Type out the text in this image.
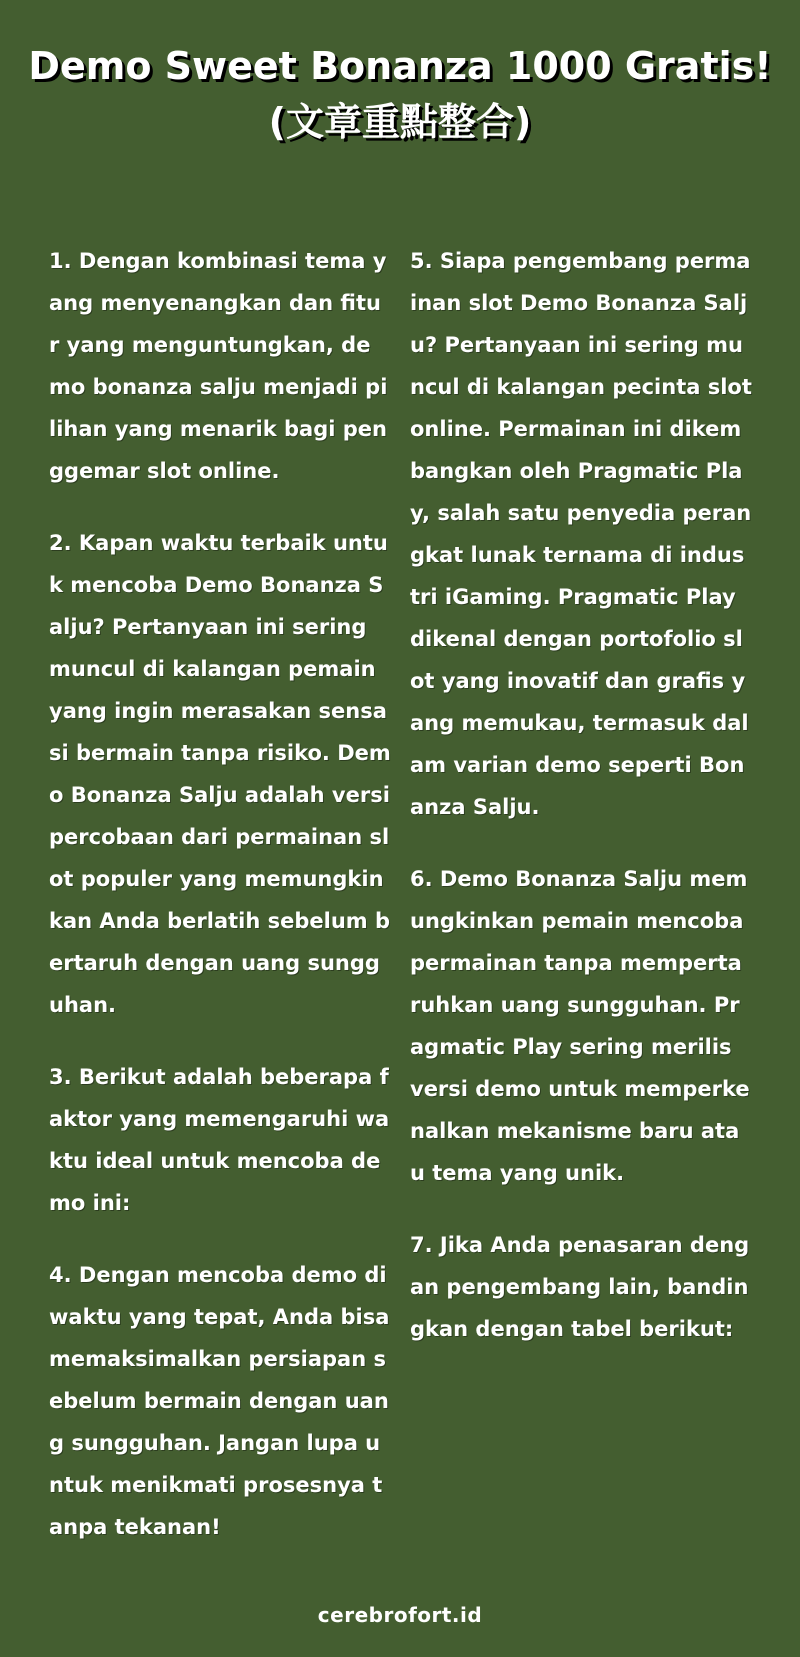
Demo Sweet Bonanza 1000 Gratis!
(文章重點整合)

1. Dengan kombinasi tema yang menyenangkan dan fitur yang menguntungkan, demo bonanza salju menjadi pilihan yang menarik bagi penggemar slot online.

2. Kapan waktu terbaik untuk mencoba Demo Bonanza Salju? Pertanyaan ini sering muncul di kalangan pemain yang ingin merasakan sensasi bermain tanpa risiko. Demo Bonanza Salju adalah versi percobaan dari permainan slot populer yang memungkinkan Anda berlatih sebelum bertaruh dengan uang sungguhan.

3. Berikut adalah beberapa faktor yang memengaruhi waktu ideal untuk mencoba demo ini:

4. Dengan mencoba demo di waktu yang tepat, Anda bisa memaksimalkan persiapan sebelum bermain dengan uang sungguhan. Jangan lupa untuk menikmati prosesnya tanpa tekanan!

5. Siapa pengembang permainan slot Demo Bonanza Salju? Pertanyaan ini sering muncul di kalangan pecinta slot online. Permainan ini dikembangkan oleh Pragmatic Play, salah satu penyedia perangkat lunak ternama di industri iGaming. Pragmatic Play dikenal dengan portofolio slot yang inovatif dan grafis yang memukau, termasuk dalam varian demo seperti Bonanza Salju.

6. Demo Bonanza Salju memungkinkan pemain mencoba permainan tanpa mempertaruhkan uang sungguhan. Pragmatic Play sering merilis versi demo untuk memperkenalkan mekanisme baru atau tema yang unik.

7. Jika Anda penasaran dengan pengembang lain, bandingkan dengan tabel berikut:

cerebrofort.id
